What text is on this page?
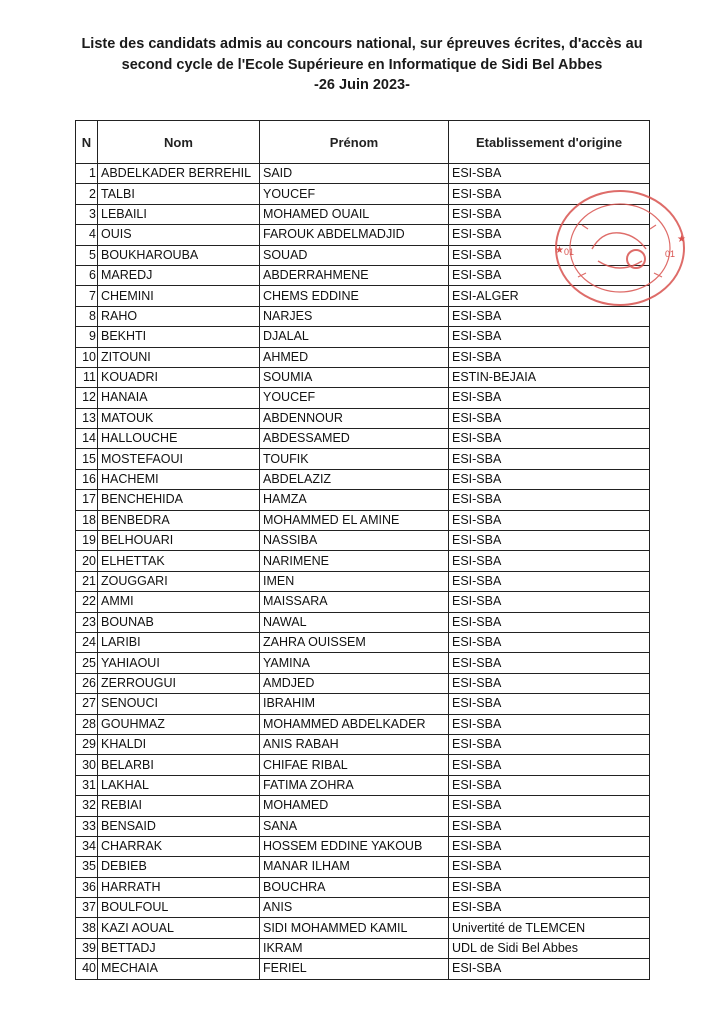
Liste des candidats admis au concours national, sur épreuves écrites, d'accès au
second cycle de l'Ecole Supérieure en Informatique de Sidi Bel Abbes
-26 Juin 2023-
N	Nom	Prénom	Etablissement d'origine
1	ABDELKADER BERREHIL	SAID	ESI-SBA
2	TALBI	YOUCEF	ESI-SBA
3	LEBAILI	MOHAMED OUAIL	ESI-SBA
4	OUIS	FAROUK ABDELMADJID	ESI-SBA
5	BOUKHAROUBA	SOUAD	ESI-SBA
6	MAREDJ	ABDERRAHMENE	ESI-SBA
7	CHEMINI	CHEMS EDDINE	ESI-ALGER
8	RAHO	NARJES	ESI-SBA
9	BEKHTI	DJALAL	ESI-SBA
10	ZITOUNI	AHMED	ESI-SBA
11	KOUADRI	SOUMIA	ESTIN-BEJAIA
12	HANAIA	YOUCEF	ESI-SBA
13	MATOUK	ABDENNOUR	ESI-SBA
14	HALLOUCHE	ABDESSAMED	ESI-SBA
15	MOSTEFAOUI	TOUFIK	ESI-SBA
16	HACHEMI	ABDELAZIZ	ESI-SBA
17	BENCHEHIDA	HAMZA	ESI-SBA
18	BENBEDRA	MOHAMMED EL AMINE	ESI-SBA
19	BELHOUARI	NASSIBA	ESI-SBA
20	ELHETTAK	NARIMENE	ESI-SBA
21	ZOUGGARI	IMEN	ESI-SBA
22	AMMI	MAISSARA	ESI-SBA
23	BOUNAB	NAWAL	ESI-SBA
24	LARIBI	ZAHRA OUISSEM	ESI-SBA
25	YAHIAOUI	YAMINA	ESI-SBA
26	ZERROUGUI	AMDJED	ESI-SBA
27	SENOUCI	IBRAHIM	ESI-SBA
28	GOUHMAZ	MOHAMMED ABDELKADER	ESI-SBA
29	KHALDI	ANIS RABAH	ESI-SBA
30	BELARBI	CHIFAE RIBAL	ESI-SBA
31	LAKHAL	FATIMA ZOHRA	ESI-SBA
32	REBIAI	MOHAMED	ESI-SBA
33	BENSAID	SANA	ESI-SBA
34	CHARRAK	HOSSEM EDDINE YAKOUB	ESI-SBA
35	DEBIEB	MANAR ILHAM	ESI-SBA
36	HARRATH	BOUCHRA	ESI-SBA
37	BOULFOUL	ANIS	ESI-SBA
38	KAZI AOUAL	SIDI MOHAMMED KAMIL	Univertité de TLEMCEN
39	BETTADJ	IKRAM	UDL de Sidi Bel Abbes
40	MECHAIA	FERIEL	ESI-SBA
01	01
★
★
